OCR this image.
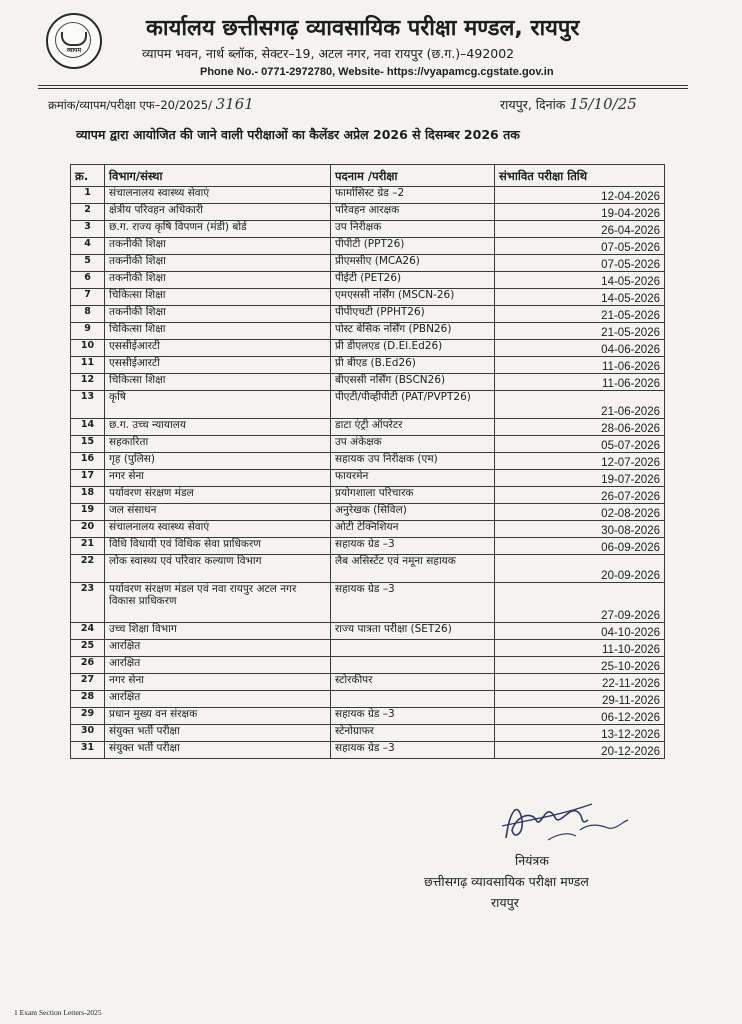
व्यापम
कार्यालय छत्तीसगढ़ व्यावसायिक परीक्षा मण्डल, रायपुर
व्यापम भवन, नार्थ ब्लॉक, सेक्टर–19, अटल नगर, नवा रायपुर (छ.ग.)–492002
Phone No.- 0771-2972780, Website- https://vyapamcg.cgstate.gov.in
क्रमांक/व्यापम/परीक्षा एफ–20/2025/ 3161	रायपुर, दिनांक 15/10/25
व्यापम द्वारा आयोजित की जाने वाली परीक्षाओं का कैलेंडर अप्रेल 2026 से दिसम्बर 2026 तक
क्र.	विभाग/संस्था	पदनाम /परीक्षा	संभावित परीक्षा तिथि
1	संचालनालय स्वास्थ्य सेवाएं	फार्मासिस्ट ग्रेड –2	12-04-2026
2	क्षेत्रीय परिवहन अधिकारी	परिवहन आरक्षक	19-04-2026
3	छ.ग. राज्य कृषि विपणन (मंडी) बोर्ड	उप निरीक्षक	26-04-2026
4	तकनीकी शिक्षा	पीपीटी (PPT26)	07-05-2026
5	तकनीकी शिक्षा	प्रीएमसीए (MCA26)	07-05-2026
6	तकनीकी शिक्षा	पीईटी (PET26)	14-05-2026
7	चिकित्सा शिक्षा	एमएससी नर्सिंग (MSCN-26)	14-05-2026
8	तकनीकी शिक्षा	पीपीएचटी (PPHT26)	21-05-2026
9	चिकित्सा शिक्षा	पोस्ट बेसिक नर्सिंग (PBN26)	21-05-2026
10	एससीईआरटी	प्री डीएलएड (D.El.Ed26)	04-06-2026
11	एससीईआरटी	प्री बीएड (B.Ed26)	11-06-2026
12	चिकित्सा शिक्षा	बीएससी नर्सिंग (BSCN26)	11-06-2026
13	कृषि	पीएटी/पीव्हीपीटी (PAT/PVPT26)	21-06-2026
14	छ.ग. उच्च न्यायालय	डाटा एंट्री ऑपरेटर	28-06-2026
15	सहकारिता	उप अंकेक्षक	05-07-2026
16	गृह (पुलिस)	सहायक उप निरीक्षक (एम)	12-07-2026
17	नगर सेना	फायरमेन	19-07-2026
18	पर्यावरण संरक्षण मंडल	प्रयोगशाला परिचारक	26-07-2026
19	जल संसाधन	अनुरेखक (सिविल)	02-08-2026
20	संचालनालय स्वास्थ्य सेवाएं	ओटी टेक्निशियन	30-08-2026
21	विधि विधायी एवं विधिक सेवा प्राधिकरण	सहायक ग्रेड –3	06-09-2026
22	लोक स्वास्थ्य एवं परिवार कल्याण विभाग	लैब असिस्टेंट एवं नमूना सहायक	20-09-2026
23	पर्यावरण संरक्षण मंडल एवं नवा रायपुर अटल नगर विकास प्राधिकरण	सहायक ग्रेड –3	27-09-2026
24	उच्च शिक्षा विभाग	राज्य पात्रता परीक्षा (SET26)	04-10-2026
25	आरक्षित		11-10-2026
26	आरक्षित		25-10-2026
27	नगर सेना	स्टोरकीपर	22-11-2026
28	आरक्षित		29-11-2026
29	प्रधान मुख्य वन संरक्षक	सहायक ग्रेड –3	06-12-2026
30	संयुक्त भर्ती परीक्षा	स्टेनोग्राफर	13-12-2026
31	संयुक्त भर्ती परीक्षा	सहायक ग्रेड –3	20-12-2026
नियंत्रक
छत्तीसगढ़ व्यावसायिक परीक्षा मण्डल
रायपुर
1 Exam Section Letters-2025
